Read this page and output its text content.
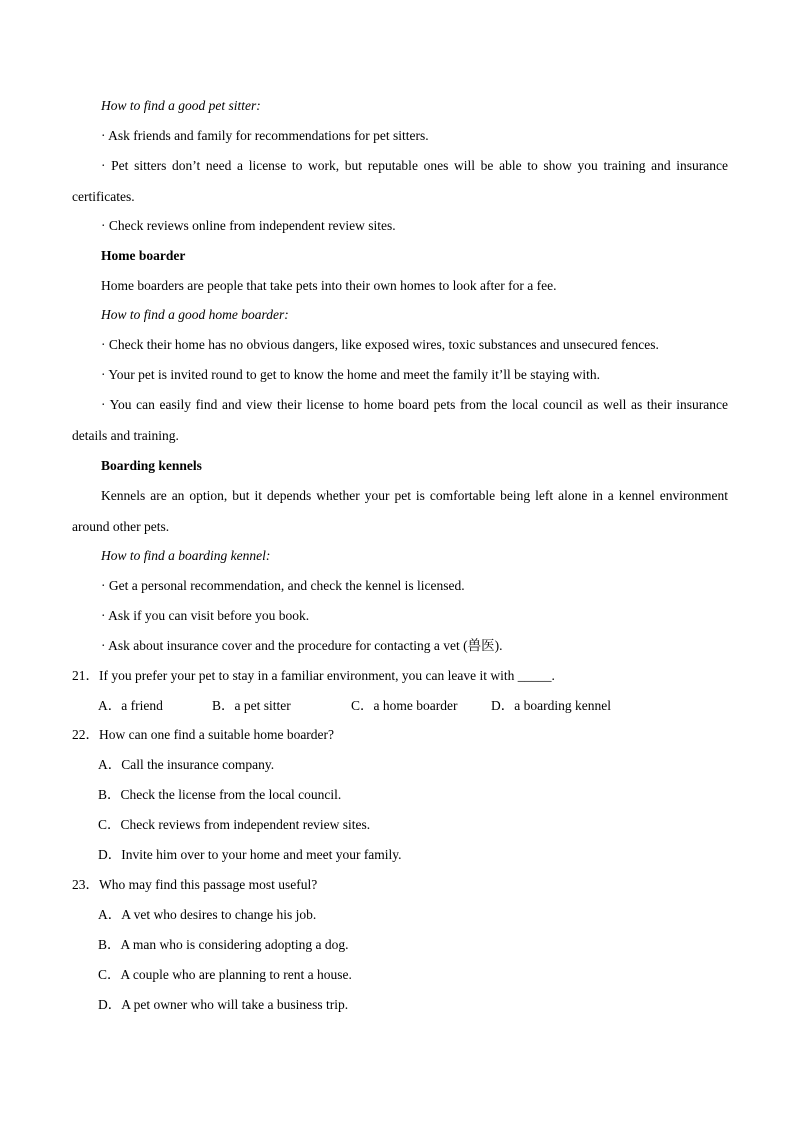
How to find a good pet sitter:
· Ask friends and family for recommendations for pet sitters.
· Pet sitters don’t need a license to work, but reputable ones will be able to show you training and insurance certificates.
· Check reviews online from independent review sites.
Home boarder
Home boarders are people that take pets into their own homes to look after for a fee.
How to find a good home boarder:
· Check their home has no obvious dangers, like exposed wires, toxic substances and unsecured fences.
· Your pet is invited round to get to know the home and meet the family it’ll be staying with.
· You can easily find and view their license to home board pets from the local council as well as their insurance details and training.
Boarding kennels
Kennels are an option, but it depends whether your pet is comfortable being left alone in a kennel environment around other pets.
How to find a boarding kennel:
· Get a personal recommendation, and check the kennel is licensed.
· Ask if you can visit before you book.
· Ask about insurance cover and the procedure for contacting a vet (兽医).
21．If you prefer your pet to stay in a familiar environment, you can leave it with _____.
A．a friend	B．a pet sitter	C．a home boarder D．a boarding kennel
22．How can one find a suitable home boarder?
A．Call the insurance company.
B．Check the license from the local council.
C．Check reviews from independent review sites.
D．Invite him over to your home and meet your family.
23．Who may find this passage most useful?
A．A vet who desires to change his job.
B．A man who is considering adopting a dog.
C．A couple who are planning to rent a house.
D．A pet owner who will take a business trip.
